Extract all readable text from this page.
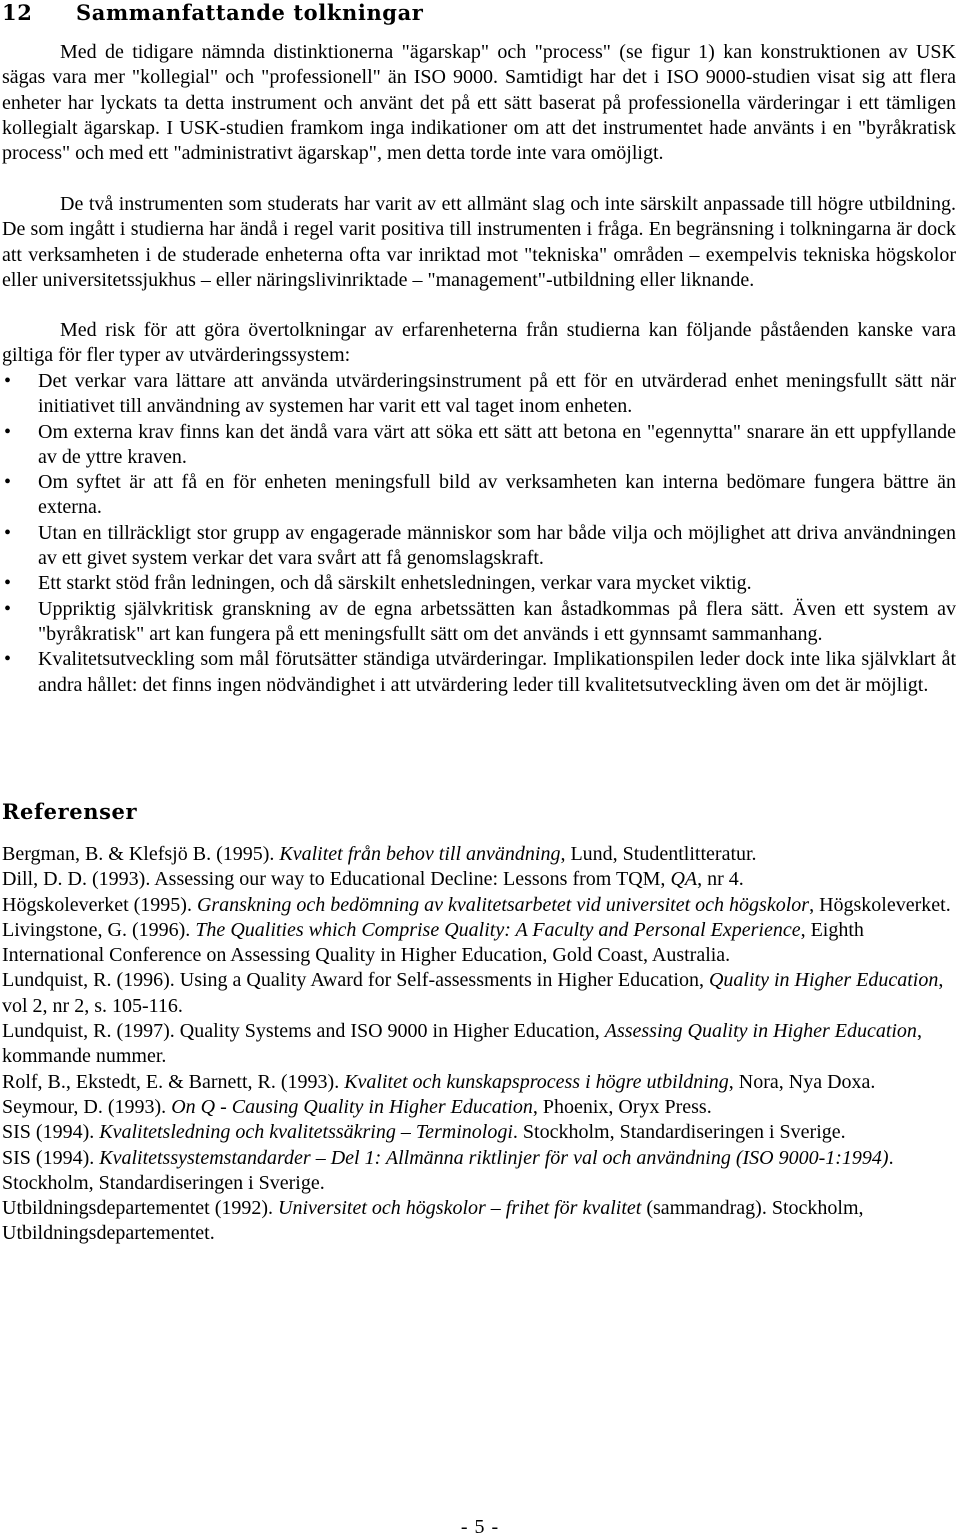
12 Sammanfattande tolkningar

Med de tidigare nämnda distinktionerna "ägarskap" och "process" (se figur 1) kan konstruktionen av USK sägas vara mer "kollegial" och "professionell" än ISO 9000. Samtidigt har det i ISO 9000-studien visat sig att flera enheter har lyckats ta detta instrument och använt det på ett sätt baserat på professionella värderingar i ett tämligen kollegialt ägarskap. I USK-studien framkom inga indikationer om att det instrumentet hade använts i en "byråkratisk process" och med ett "administrativt ägarskap", men detta torde inte vara omöjligt.

De två instrumenten som studerats har varit av ett allmänt slag och inte särskilt anpassade till högre utbildning. De som ingått i studierna har ändå i regel varit positiva till instrumenten i fråga. En begränsning i tolkningarna är dock att verksamheten i de studerade enheterna ofta var inriktad mot "tekniska" områden – exempelvis tekniska högskolor eller universitetssjukhus – eller näringslivinriktade – "management"-utbildning eller liknande.

Med risk för att göra övertolkningar av erfarenheterna från studierna kan följande påståenden kanske vara giltiga för fler typer av utvärderingssystem:

•	Det verkar vara lättare att använda utvärderingsinstrument på ett för en utvärderad enhet meningsfullt sätt när initiativet till användning av systemen har varit ett val taget inom enheten.
•	Om externa krav finns kan det ändå vara värt att söka ett sätt att betona en "egennytta" snarare än ett uppfyllande av de yttre kraven.
•	Om syftet är att få en för enheten meningsfull bild av verksamheten kan interna bedömare fungera bättre än externa.
•	Utan en tillräckligt stor grupp av engagerade människor som har både vilja och möjlighet att driva användningen av ett givet system verkar det vara svårt att få genomslagskraft.
•	Ett starkt stöd från ledningen, och då särskilt enhetsledningen, verkar vara mycket viktig.
•	Uppriktig självkritisk granskning av de egna arbetssätten kan åstadkommas på flera sätt. Även ett system av "byråkratisk" art kan fungera på ett meningsfullt sätt om det används i ett gynnsamt sammanhang.
•	Kvalitetsutveckling som mål förutsätter ständiga utvärderingar. Implikationspilen leder dock inte lika självklart åt andra hållet: det finns ingen nödvändighet i att utvärdering leder till kvalitetsutveckling även om det är möjligt.
Referenser
Bergman, B. & Klefsjö B. (1995). Kvalitet från behov till användning, Lund, Studentlitteratur.
Dill, D. D. (1993). Assessing our way to Educational Decline: Lessons from TQM, QA, nr 4.
Högskoleverket (1995). Granskning och bedömning av kvalitetsarbetet vid universitet och högskolor, Högskoleverket.
Livingstone, G. (1996). The Qualities which Comprise Quality: A Faculty and Personal Experience, Eighth International Conference on Assessing Quality in Higher Education, Gold Coast, Australia.
Lundquist, R. (1996). Using a Quality Award for Self-assessments in Higher Education, Quality in Higher Education, vol 2, nr 2, s. 105-116.
Lundquist, R. (1997). Quality Systems and ISO 9000 in Higher Education, Assessing Quality in Higher Education, kommande nummer.
Rolf, B., Ekstedt, E. & Barnett, R. (1993). Kvalitet och kunskapsprocess i högre utbildning, Nora, Nya Doxa.
Seymour, D. (1993). On Q - Causing Quality in Higher Education, Phoenix, Oryx Press.
SIS (1994). Kvalitetsledning och kvalitetssäkring – Terminologi. Stockholm, Standardiseringen i Sverige.
SIS (1994). Kvalitetssystemstandarder – Del 1: Allmänna riktlinjer för val och användning (ISO 9000-1:1994). Stockholm, Standardiseringen i Sverige.
Utbildningsdepartementet (1992). Universitet och högskolor – frihet för kvalitet (sammandrag). Stockholm, Utbildningsdepartementet.
- 5 -
